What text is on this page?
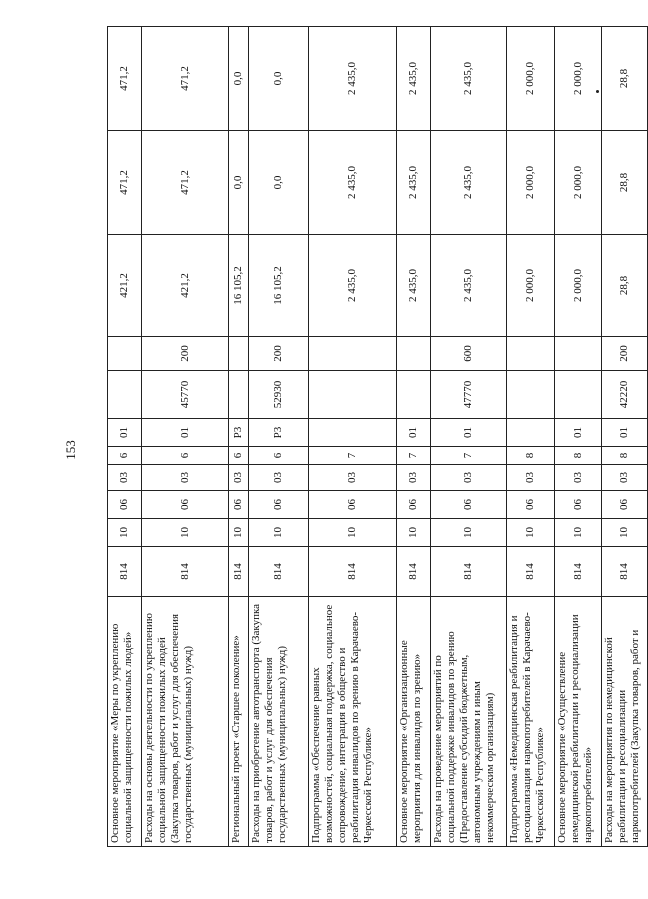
153
Основное мероприятие «Меры по укреплению социальной защищенности пожилых людей»	814	10	06	03	6	01			421,2	471,2	471,2
Расходы на основы деятельности по укреплению социальной защищенности пожилых людей (Закупка товаров, работ и услуг для обеспечения государственных (муниципальных) нужд)	814	10	06	03	6	01	45770	200	421,2	471,2	471,2
Региональный проект «Старшее поколение»	814	10	06	03	6	P3			16 105,2	0,0	0,0
Расходы на приобретение автотранспорта (Закупка товаров, работ и услуг для обеспечения государственных (муниципальных) нужд)	814	10	06	03	6	P3	52930	200	16 105,2	0,0	0,0
Подпрограмма «Обеспечение равных возможностей, социальная поддержка, социальное сопровождение, интеграция в общество и реабилитация инвалидов по зрению в Карачаево-Черкесской Республике»	814	10	06	03	7				2 435,0	2 435,0	2 435,0
Основное мероприятие «Организационные мероприятия для инвалидов по зрению»	814	10	06	03	7	01			2 435,0	2 435,0	2 435,0
Расходы на проведение мероприятий по социальной поддержке инвалидов по зрению (Предоставление субсидий бюджетным, автономным учреждениям и иным некоммерческим организациям)	814	10	06	03	7	01	47770	600	2 435,0	2 435,0	2 435,0
Подпрограмма «Немедицинская реабилитация и ресоциализация наркопотребителей в Карачаево-Черкесской Республике»	814	10	06	03	8				2 000,0	2 000,0	2 000,0
Основное мероприятие «Осуществление немедицинской реабилитации и ресоциализации наркопотребителей»	814	10	06	03	8	01			2 000,0	2 000,0	2 000,0
Расходы на мероприятия по немедицинской реабилитации и ресоциализации наркопотребителей (Закупка товаров, работ и	814	10	06	03	8	01	42220	200	28,8	28,8	28,8
